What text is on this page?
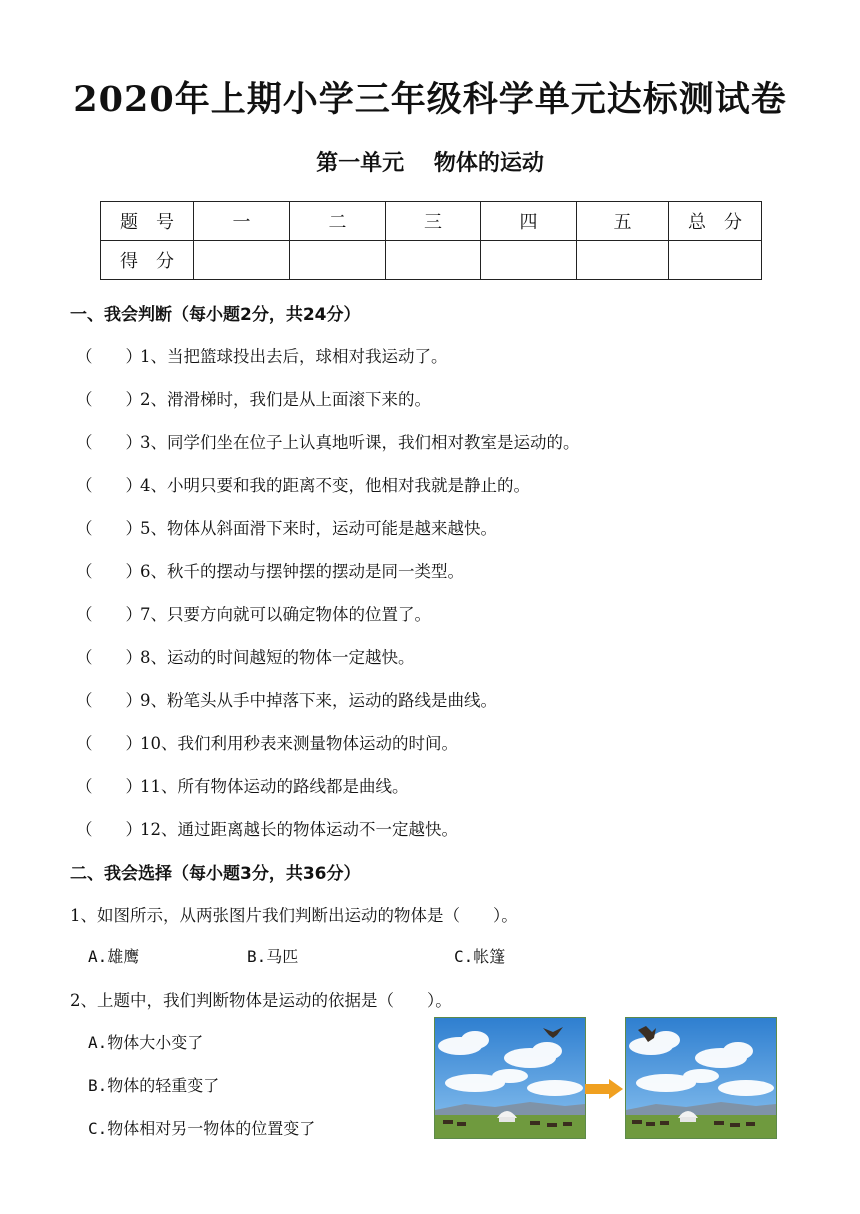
2020年上期小学三年级科学单元达标测试卷
第一单元　 物体的运动
题　号	一	二	三	四	五	总　分
得　分						
一、我会判断（每小题2分，共24分）
（　　）1、当把篮球投出去后，球相对我运动了。
（　　）2、滑滑梯时，我们是从上面滚下来的。
（　　）3、同学们坐在位子上认真地听课，我们相对教室是运动的。
（　　）4、小明只要和我的距离不变，他相对我就是静止的。
（　　）5、物体从斜面滑下来时，运动可能是越来越快。
（　　）6、秋千的摆动与摆钟摆的摆动是同一类型。
（　　）7、只要方向就可以确定物体的位置了。
（　　）8、运动的时间越短的物体一定越快。
（　　）9、粉笔头从手中掉落下来，运动的路线是曲线。
（　　）10、我们利用秒表来测量物体运动的时间。
（　　）11、所有物体运动的路线都是曲线。
（　　）12、通过距离越长的物体运动不一定越快。
二、我会选择（每小题3分，共36分）
1、如图所示，从两张图片我们判断出运动的物体是（　　）。
A.雄鹰	B.马匹	C.帐篷
2、上题中，我们判断物体是运动的依据是（　　）。
A.物体大小变了
B.物体的轻重变了
C.物体相对另一物体的位置变了
